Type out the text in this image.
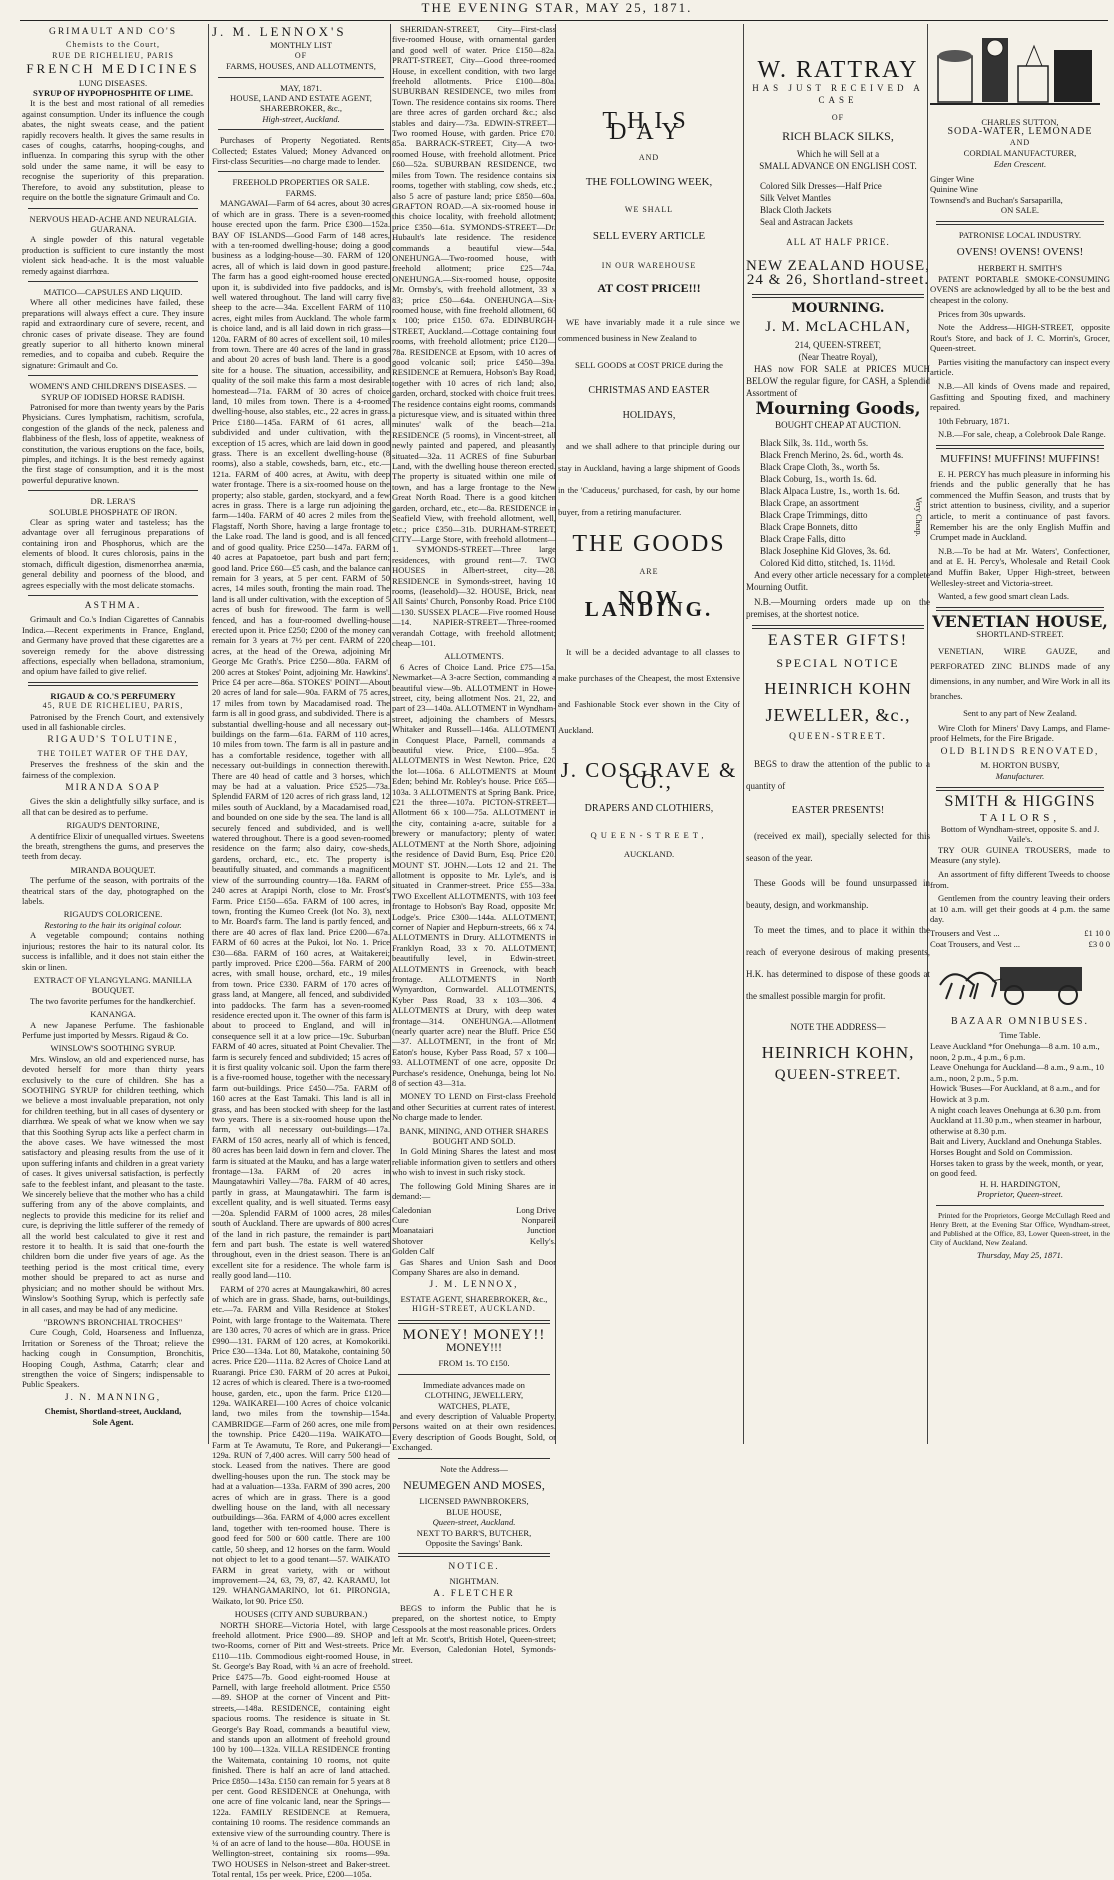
THE EVENING STAR, MAY 25, 1871.
GRIMAULT AND CO'S
Chemists to the Court,
RUE DE RICHELIEU, PARIS
FRENCH MEDICINES
LUNG DISEASES.
SYRUP OF HYPOPHOSPHITE OF LIME.

It is the best and most rational of all remedies against consumption. Under its influence the cough abates, the night sweats cease, and the patient rapidly recovers health. It gives the same results in cases of coughs, catarrhs, hooping-coughs, and influenza. In comparing this syrup with the other sold under the same name, it will be easy to recognise the superiority of this preparation. Therefore, to avoid any substitution, please to require on the bottle the signature Grimault and Co.

NERVOUS HEAD-ACHE AND NEURALGIA.
GUARANA.

A single powder of this natural vegetable production is sufficient to cure instantly the most violent sick head-ache. It is the most valuable remedy against diarrhœa.

MATICO—CAPSULES AND LIQUID.

Where all other medicines have failed, these preparations will always effect a cure. They insure rapid and extraordinary cure of severe, recent, and chronic cases of private disease. They are found greatly superior to all hitherto known mineral remedies, and to copaiba and cubeb. Require the signature: Grimault and Co.

WOMEN'S AND CHILDREN'S DISEASES. —SYRUP OF IODISED HORSE RADISH.

Patronised for more than twenty years by the Paris Physicians. Cures lymphatism, rachitism, scrofula, congestion of the glands of the neck, paleness and flabbiness of the flesh, loss of appetite, weakness of constitution, the various eruptions on the face, boils, pimples, and itchings. It is the best remedy against the first stage of consumption, and it is the most powerful depurative known.

DR. LERA'S
SOLUBLE PHOSPHATE OF IRON.

Clear as spring water and tasteless; has the advantage over all ferruginous preparations of containing iron and Phosphorus, which are the elements of blood. It cures chlorosis, pains in the stomach, difficult digestion, dismenorrhea anæmia, general debility and poorness of the blood, and agrees especially with the most delicate stomachs.

ASTHMA.

Grimault and Co.'s Indian Cigarettes of Cannabis Indica.—Recent experiments in France, England, and Germany have proved that these cigarettes are a sovereign remedy for the above distressing affections, especially when belladona, stramonium, and opium have failed to give relief.

RIGAUD & CO.'S PERFUMERY
45, RUE DE RICHELIEU, PARIS,

Patronised by the French Court, and extensively used in all fashionable circles.

RIGAUD'S TOLUTINE,
THE TOILET WATER OF THE DAY,

Preserves the freshness of the skin and the fairness of the complexion.

MIRANDA SOAP

Gives the skin a delightfully silky surface, and is all that can be desired as to perfume.

RIGAUD'S DENTORINE,

A dentifrice Elixir of unequalled virtues. Sweetens the breath, strengthens the gums, and preserves the teeth from decay.

MIRANDA BOUQUET.

The perfume of the season, with portraits of the theatrical stars of the day, photographed on the labels.

RIGAUD'S COLORICENE.
Restoring to the hair its original colour.

A vegetable compound; contains nothing injurious; restores the hair to its natural color. Its success is infallible, and it does not stain either the skin or linen.

EXTRACT OF YLANGYLANG. MANILLA BOUQUET.

The two favorite perfumes for the handkerchief.

KANANGA.

A new Japanese Perfume. The fashionable Perfume just imported by Messrs. Rigaud & Co.

WINSLOW'S SOOTHING SYRUP.

Mrs. Winslow, an old and experienced nurse, has devoted herself for more than thirty years exclusively to the cure of children. She has a SOOTHING SYRUP for children teething, which we believe a most invaluable preparation, not only for children teething, but in all cases of dysentery or diarrhœa. We speak of what we know when we say that this Soothing Syrup acts like a perfect charm in the above cases. We have witnessed the most satisfactory and pleasing results from the use of it upon suffering infants and children in a great variety of cases. It gives universal satisfaction, is perfectly safe to the feeblest infant, and pleasant to the taste. We sincerely believe that the mother who has a child suffering from any of the above complaints, and neglects to provide this medicine for its relief and cure, is depriving the little sufferer of the remedy of all the world best calculated to give it rest and restore it to health. It is said that one-fourth the children born die under five years of age. As the teething period is the most critical time, every mother should be prepared to act as nurse and physician; and no mother should be without Mrs. Winslow's Soothing Syrup, which is perfectly safe in all cases, and may be had of any medicine.

"BROWN'S BRONCHIAL TROCHES"

Cure Cough, Cold, Hoarseness and Influenza, Irritation or Soreness of the Throat; relieve the hacking cough in Consumption, Bronchitis, Hooping Cough, Asthma, Catarrh; clear and strengthen the voice of Singers; indispensable to Public Speakers.

J. N. MANNING,
Chemist, Shortland-street, Auckland,
Sole Agent.
J. M. LENNOX'S
MONTHLY LIST
OF
FARMS, HOUSES, AND ALLOTMENTS,
MAY, 1871.
HOUSE, LAND AND ESTATE AGENT, SHAREBROKER, &c.,
High-street, Auckland.

Purchases of Property Negotiated. Rents Collected; Estates Valued; Money Advanced on First-class Securities—no charge made to lender.

FREEHOLD PROPERTIES OR SALE.
FARMS.

MANGAWAI—Farm of 64 acres, about 30 acres of which are in grass. There is a seven-roomed house erected upon the farm. Price £300—152a. BAY OF ISLANDS—Good Farm of 148 acres, with a ten-roomed dwelling-house; doing a good business as a lodging-house—30. FARM of 120 acres, all of which is laid down in good pasture. The farm has a good eight-roomed house erected upon it, is subdivided into five paddocks, and is well watered throughout. The land will carry five sheep to the acre—34a. Excellent FARM of 110 acres, eight miles from Auckland. The whole farm is choice land, and is all laid down in rich grass—120a. FARM of 80 acres of excellent soil, 10 miles from town. There are 40 acres of the land in grass and about 20 acres of bush land. There is a good site for a house. The situation, accessibility, and quality of the soil make this farm a most desirable homestead—71a. FARM of 30 acres of choice land, 10 miles from town. There is a 4-roomed dwelling-house, also stables, etc., 22 acres in grass. Price £180—145a. FARM of 61 acres, all subdivided and under cultivation, with the exception of 15 acres, which are laid down in good grass. There is an excellent dwelling-house (8 rooms), also a stable, cowsheds, barn, etc., etc.—121a. FARM of 400 acres, at Awitu, with deep water frontage. There is a six-roomed house on the property; also stable, garden, stockyard, and a few acres in grass. There is a large run adjoining the farm—140a. FARM of 40 acres 2 miles from the Flagstaff, North Shore, having a large frontage to the Lake road. The land is good, and is all fenced and of good quality. Price £250—147a. FARM of 40 acres at Papatoetoe, part bush and part fern; good land. Price £60—£5 cash, and the balance can remain for 3 years, at 5 per cent. FARM of 50 acres, 14 miles south, fronting the main road. The land is all under cultivation, with the exception of 5 acres of bush for firewood. The farm is well fenced, and has a four-roomed dwelling-house erected upon it. Price £250; £200 of the money can remain for 3 years at 7½ per cent. FARM of 220 acres, at the head of the Orewa, adjoining Mr George Mc Grath's. Price £250—80a. FARM of 200 acres at Stokes' Point, adjoining Mr. Hawkins'. Price £4 per acre—86a. STOKES' POINT—About 20 acres of land for sale—90a. FARM of 75 acres, 17 miles from town by Macadamised road. The farm is all in good grass, and subdivided. There is a substantial dwelling-house and all necessary out-buildings on the farm—61a. FARM of 110 acres, 10 miles from town. The farm is all in pasture and has a comfortable residence, together with all necessary out-buildings in connection therewith. There are 40 head of cattle and 3 horses, which may be had at a valuation. Price £525—73a. Splendid FARM of 120 acres of rich grass land, 12 miles south of Auckland, by a Macadamised road, and bounded on one side by the sea. The land is all securely fenced and subdivided, and is well watered throughout. There is a good seven-roomed residence on the farm; also dairy, cow-sheds, gardens, orchard, etc., etc. The property is beautifully situated, and commands a magnificent view of the surrounding country—18a. FARM of 240 acres at Arapipi North, close to Mr. Frost's Farm. Price £150—65a. FARM of 100 acres, in town, fronting the Kumeo Creek (lot No. 3), next to Mr. Board's farm. The land is partly fenced, and there are 40 acres of flax land. Price £200—67a. FARM of 60 acres at the Pukoi, lot No. 1. Price £30—68a. FARM of 160 acres, at Waitakerei; partly improved. Price £200—56a. FARM of 200 acres, with small house, orchard, etc., 19 miles from town. Price £330. FARM of 170 acres of grass land, at Mangere, all fenced, and subdivided into paddocks. The farm has a seven-roomed residence erected upon it. The owner of this farm is about to proceed to England, and will in consequence sell it at a low price—19c. Suburban FARM of 40 acres, situated at Point Chevalier. The farm is securely fenced and subdivided; 15 acres of it is first quality volcanic soil. Upon the farm there is a five-roomed house, together with the necessary farm out-buildings. Price £450—75a. FARM of 160 acres at the East Tamaki. This land is all in grass, and has been stocked with sheep for the last two years. There is a six-roomed house upon the farm, with all necessary out-buildings—17a. FARM of 150 acres, nearly all of which is fenced, 80 acres has been laid down in fern and clover. The farm is situated at the Mauku, and has a large water frontage—13a. FARM of 20 acres in Maungatawhiri Valley—78a. FARM of 40 acres, partly in grass, at Maungatawhiri. The farm is excellent quality, and is well situated. Terms easy—20a. Splendid FARM of 1000 acres, 28 miles south of Auckland. There are upwards of 800 acres of the land in rich pasture, the remainder is part fern and part bush. The estate is well watered throughout, even in the driest season. There is an excellent site for a residence. The whole farm is really good land—110.

FARM of 270 acres at Maungakawhiri, 80 acres of which are in grass. Shade, barns, out-buildings, etc.—7a. FARM and Villa Residence at Stokes' Point, with large frontage to the Waitemata. There are 130 acres, 70 acres of which are in grass. Price £990—131. FARM of 120 acres, at Komokoriki. Price £30—134a. Lot 80, Matakohe, containing 50 acres. Price £20—111a. 82 Acres of Choice Land at Ruarangi. Price £30. FARM of 20 acres at Pukoi, 12 acres of which is cleared. There is a two-roomed house, garden, etc., upon the farm. Price £120—129a. WAIKAREI—100 Acres of choice volcanic land, two miles from the township—154a. CAMBRIDGE—Farm of 260 acres, one mile from the township. Price £420—119a. WAIKATO—Farm at Te Awamutu, Te Rore, and Pukerangi—129a. RUN of 7,400 acres. Will carry 500 head of stock. Leased from the natives. There are good dwelling-houses upon the run. The stock may be had at a valuation—133a. FARM of 390 acres, 200 acres of which are in grass. There is a good dwelling house on the land, with all necessary outbuildings—36a. FARM of 4,000 acres excellent land, together with ten-roomed house. There is good feed for 500 or 600 cattle. There are 100 cattle, 50 sheep, and 12 horses on the farm. Would not object to let to a good tenant—57. WAIKATO FARM in great variety, with or without improvement—24, 63, 79, 87, 42. KARAMU, lot 129. WHANGAMARINO, lot 61. PIRONGIA, Waikato, lot 90. Price £50.

HOUSES (CITY AND SUBURBAN.)

NORTH SHORE—Victoria Hotel, with large freehold allotment. Price £900—89. SHOP and two-Rooms, corner of Pitt and West-streets. Price £110—11b. Commodious eight-roomed House, in St. George's Bay Road, with ¼ an acre of freehold. Price £475—7b. Good eight-roomed House at Parnell, with large freehold allotment. Price £550—89. SHOP at the corner of Vincent and Pitt-streets,—148a. RESIDENCE, containing eight spacious rooms. The residence is situate in St. George's Bay Road, commands a beautiful view, and stands upon an allotment of freehold ground 100 by 100—132a. VILLA RESIDENCE fronting the Waitemata, containing 10 rooms, not quite finished. There is half an acre of land attached. Price £850—143a. £150 can remain for 5 years at 8 per cent. Good RESIDENCE at Onehunga, with one acre of fine volcanic land, near the Springs—122a. FAMILY RESIDENCE at Remuera, containing 10 rooms. The residence commands an extensive view of the surrounding country. There is ¼ of an acre of land to the house—80a. HOUSE in Wellington-street, containing six rooms—99a. TWO HOUSES in Nelson-street and Baker-street. Total rental, 15s per week. Price, £200—105a.

SHERIDAN-STREET, City—First-class five-roomed House, with ornamental garden and good well of water. Price £150—82a. PRATT-STREET, City—Good three-roomed House, in excellent condition, with two large freehold allotments. Price £100—80a. SUBURBAN RESIDENCE, two miles from Town. The residence contains six rooms. There are three acres of garden orchard &c.; also stables and dairy—73a. EDWIN-STREET—Two roomed House, with garden. Price £70. 85a. BARRACK-STREET, City—A two-roomed House, with freehold allotment. Price £60—52a. SUBURBAN RESIDENCE, two miles from Town. The residence contains six rooms, together with stabling, cow sheds, etc.; also 5 acre of pasture land; price £850—60a. GRAFTON ROAD.—A six-roomed house in this choice locality, with freehold allotment; price £350—61a. SYMONDS-STREET—Dr. Hubault's late residence. The residence commands a beautiful view—54a. ONEHUNGA—Two-roomed house, with freehold allotment; price £25—74a. ONEHUNGA.—Six-roomed house, opposite Mr. Ormsby's, with freehold allotment, 33 x 83; price £50—64a. ONEHUNGA—Six-roomed house, with fine freehold allotment, 60 x 100; price £150. 67a. EDINBURGH-STREET, Auckland.—Cottage containing four rooms, with freehold allotment; price £120—78a. RESIDENCE at Epsom, with 10 acres of good volcanic soil; price £450—39a. RESIDENCE at Remuera, Hobson's Bay Road, together with 10 acres of rich land; also, garden, orchard, stocked with choice fruit trees. The residence contains eight rooms, commands a picturesque view, and is situated within three minutes' walk of the beach—21a. RESIDENCE (5 rooms), in Vincent-street, all newly painted and papered, and pleasantly situated—32a. 11 ACRES of fine Suburban Land, with the dwelling house thereon erected. The property is situated within one mile of town, and has a large frontage to the New Great North Road. There is a good kitchen garden, orchard, etc., etc—8a. RESIDENCE in Seafield View, with freehold allotment, well, etc.; price £350—31b. DURHAM-STREET, CITY—Large Store, with freehold allotment—1. SYMONDS-STREET—Three large residences, with ground rent—7. TWO HOUSES in Albert-street, city—28. RESIDENCE in Symonds-street, having 10 rooms, (leasehold)—32. HOUSE, Brick, near All Saints' Church, Ponsonby Road. Price £100—130. SUSSEX PLACE—Five roomed House—14. NAPIER-STREET—Three-roomed verandah Cottage, with freehold allotment; cheap—101.

ALLOTMENTS.

6 Acres of Choice Land. Price £75—15a. Newmarket—A 3-acre Section, commanding a beautiful view—9b. ALLOTMENT in Howe-street, city, being allotment Nos. 21, 22, and part of 23—140a. ALLOTMENT in Wyndham-street, adjoining the chambers of Messrs. Whitaker and Russell—146a. ALLOTMENT in Conquest Place, Parnell, commands a beautiful view. Price, £100—95a. 5 ALLOTMENTS in West Newton. Price, £20 the lot—106a. 6 ALLOTMENTS at Mount Eden; behind Mr. Robley's house. Price £65—103a. 3 ALLOTMENTS at Spring Bank. Price, £21 the three—107a. PICTON-STREET—Allotment 66 x 100—75a. ALLOTMENT in the city, containing a-acre, suitable for a brewery or manufactory; plenty of water. ALLOTMENT at the North Shore, adjoining the residence of David Burn, Esq. Price £20. MOUNT ST. JOHN.—Lots 12 and 21. The allotment is opposite to Mr. Lyle's, and is situated in Cranmer-street. Price £55—33a. TWO Excellent ALLOTMENTS, with 103 feet frontage to Hobson's Bay Road, opposite Mr. Lodge's. Price £300—144a. ALLOTMENT, corner of Napier and Hepburn-streets, 66 x 74. ALLOTMENTS in Drury. ALLOTMENTS in Franklyn Road, 33 x 70. ALLOTMENT, beautifully level, in Edwin-street. ALLOTMENTS in Greenock, with beach frontage. ALLOTMENTS in North Wynyardton, Cornwardel. ALLOTMENTS, Kyber Pass Road, 33 x 103—306. 4 ALLOTMENTS at Drury, with deep water frontage—314. ONEHUNGA.—Allotment (nearly quarter acre) near the Bluff. Price £50—37. ALLOTMENT, in the front of Mr. Eaton's house, Kyber Pass Road, 57 x 100—93. ALLOTMENT of one acre, opposite Dr. Purchase's residence, Onehunga, being lot No. 8 of section 43—31a.

MONEY TO LEND on First-class Freehold and other Securities at current rates of interest. No charge made to lender.

BANK, MINING, AND OTHER SHARES BOUGHT AND SOLD.

In Gold Mining Shares the latest and most reliable information given to settlers and others who wish to invest in such risky stock.

The following Gold Mining Shares are in demand:—

Caledonian	Long Drive
Cure	Nonpareil
Moanataiari	Junction
Shotover	Kelly's.
Golden Calf

Gas Shares and Union Sash and Door Company Shares are also in demand.

J. M. LENNOX,
ESTATE AGENT, SHAREBROKER, &c.,
HIGH-STREET, AUCKLAND.
MONEY! MONEY!!
MONEY!!!
FROM 1s. TO £150.
Immediate advances made on
CLOTHING, JEWELLERY,
WATCHES, PLATE,

and every description of Valuable Property. Persons waited on at their own residences. Every description of Goods Bought, Sold, or Exchanged.

Note the Address—
NEUMEGEN AND MOSES,
LICENSED PAWNBROKERS,
BLUE HOUSE,
Queen-street, Auckland.
NEXT TO BARR'S, BUTCHER,
Opposite the Savings' Bank.
NOTICE.
NIGHTMAN.
A. FLETCHER

BEGS to inform the Public that he is prepared, on the shortest notice, to Empty Cesspools at the most reasonable prices. Orders left at Mr. Scott's, British Hotel, Queen-street; Mr. Everson, Caledonian Hotel, Symonds-street.

THIS DAY
AND
THE FOLLOWING WEEK,
WE SHALL
SELL EVERY ARTICLE
IN OUR WAREHOUSE
AT COST PRICE!!!

WE have invariably made it a rule since we commenced business in New Zealand to

SELL GOODS at COST PRICE during the
CHRISTMAS AND EASTER
HOLIDAYS,

and we shall adhere to that principle during our stay in Auckland, having a large shipment of Goods in the 'Caduceus,' purchased, for cash, by our home buyer, from a retiring manufacturer.

THE GOODS
ARE
NOW LANDING.

It will be a decided advantage to all classes to make purchases of the Cheapest, the most Extensive and Fashionable Stock ever shown in the City of Auckland.

J. COSGRAVE & CO.,
DRAPERS AND CLOTHIERS,
QUEEN-STREET,
AUCKLAND.
W. RATTRAY
HAS JUST RECEIVED A CASE
OF
RICH BLACK SILKS,
Which he will Sell at a
SMALL ADVANCE ON ENGLISH COST.
Colored Silk Dresses—Half Price
Silk Velvet Mantles
Black Cloth Jackets
Seal and Astracan Jackets
ALL AT HALF PRICE.
NEW ZEALAND HOUSE,
24 & 26, Shortland-street.
MOURNING.
J. M. McLACHLAN,
214, QUEEN-STREET,
(Near Theatre Royal),

HAS now FOR SALE at PRICES MUCH BELOW the regular figure, for CASH, a Splendid Assortment of

Mourning Goods,
BOUGHT CHEAP AT AUCTION.
Black Silk, 3s. 11d., worth 5s.
Black French Merino, 2s. 6d., worth 4s.
Black Crape Cloth, 3s., worth 5s.
Black Coburg, 1s., worth 1s. 6d.
Black Alpaca Lustre, 1s., worth 1s. 6d.
Black Crape, an assortment
Black Crape Trimmings, ditto
Black Crape Bonnets, ditto
Black Crape Falls, ditto
Black Josephine Kid Gloves, 3s. 6d.
Colored Kid ditto, stitched, 1s. 11½d.
Very Cheap.

And every other article necessary for a complete Mourning Outfit.

N.B.—Mourning orders made up on the premises, at the shortest notice.

EASTER GIFTS!
SPECIAL NOTICE
HEINRICH KOHN
JEWELLER, &c.,
QUEEN-STREET.

BEGS to draw the attention of the public to a quantity of

EASTER PRESENTS!

(received ex mail), specially selected for this season of the year.

These Goods will be found unsurpassed in beauty, design, and workmanship.

To meet the times, and to place it within the reach of everyone desirous of making presents, H.K. has determined to dispose of these goods at the smallest possible margin for profit.

NOTE THE ADDRESS—
HEINRICH KOHN,
QUEEN-STREET.
CHARLES SUTTON,
SODA-WATER, LEMONADE
AND
CORDIAL MANUFACTURER,
Eden Crescent.
Ginger Wine
Quinine Wine
Townsend's and Buchan's Sarsaparilla,
ON SALE.
PATRONISE LOCAL INDUSTRY.
OVENS! OVENS! OVENS!
HERBERT H. SMITH'S

PATENT PORTABLE SMOKE-CONSUMING OVENS are acknowledged by all to be the best and cheapest in the colony.

Prices from 30s upwards.

Note the Address—HIGH-STREET, opposite Rout's Store, and back of J. C. Morrin's, Grocer, Queen-street.

Parties visiting the manufactory can inspect every article.

N.B.—All kinds of Ovens made and repaired, Gasfitting and Spouting fixed, and machinery repaired.

10th February, 1871.

N.B.—For sale, cheap, a Colebrook Dale Range.

MUFFINS! MUFFINS! MUFFINS!

E. H. PERCY has much pleasure in informing his friends and the public generally that he has commenced the Muffin Season, and trusts that by strict attention to business, civility, and a superior article, to merit a continuance of past favors. Remember his are the only English Muffin and Crumpet made in Auckland.

N.B.—To be had at Mr. Waters', Confectioner, and at E. H. Percy's, Wholesale and Retail Cook and Muffin Baker, Upper High-street, between Wellesley-street and Victoria-street.

Wanted, a few good smart clean Lads.

VENETIAN HOUSE,
SHORTLAND-STREET.

VENETIAN, WIRE GAUZE, and PERFORATED ZINC BLINDS made of any dimensions, in any number, and Wire Work in all its branches.

Sent to any part of New Zealand.

Wire Cloth for Miners' Davy Lamps, and Flame-proof Helmets, for the Fire Brigade.

OLD BLINDS RENOVATED,
M. HORTON BUSBY,
Manufacturer.
SMITH & HIGGINS
TAILORS,
Bottom of Wyndham-street, opposite S. and J. Vaile's.

TRY OUR GUINEA TROUSERS, made to Measure (any style).

An assortment of fifty different Tweeds to choose from.

Gentlemen from the country leaving their orders at 10 a.m. will get their goods at 4 p.m. the same day.

Trousers and Vest ...	£1 10 0
Coat Trousers, and Vest ...	£3 0 0
BAZAAR OMNIBUSES.
Time Table.
Leave Auckland *for Onehunga—8 a.m. 10 a.m., noon, 2 p.m., 4 p.m., 6 p.m.
Leave Onehunga for Auckland—8 a.m., 9 a.m., 10 a.m., noon, 2 p.m., 5 p.m.
Howick 'Buses—For Auckland, at 8 a.m., and for Howick at 3 p.m.
A night coach leaves Onehunga at 6.30 p.m. from Auckland at 11.30 p.m., when steamer in harbour, otherwise at 8.30 p.m.
Bait and Livery, Auckland and Onehunga Stables. Horses Bought and Sold on Commission.
Horses taken to grass by the week, month, or year, on good feed.
H. H. HARDINGTON,
Proprietor, Queen-street.

Printed for the Proprietors, George McCullagh Reed and Henry Brett, at the Evening Star Office, Wyndham-street, and Published at the Office, 83, Lower Queen-street, in the City of Auckland, New Zealand.

Thursday, May 25, 1871.
